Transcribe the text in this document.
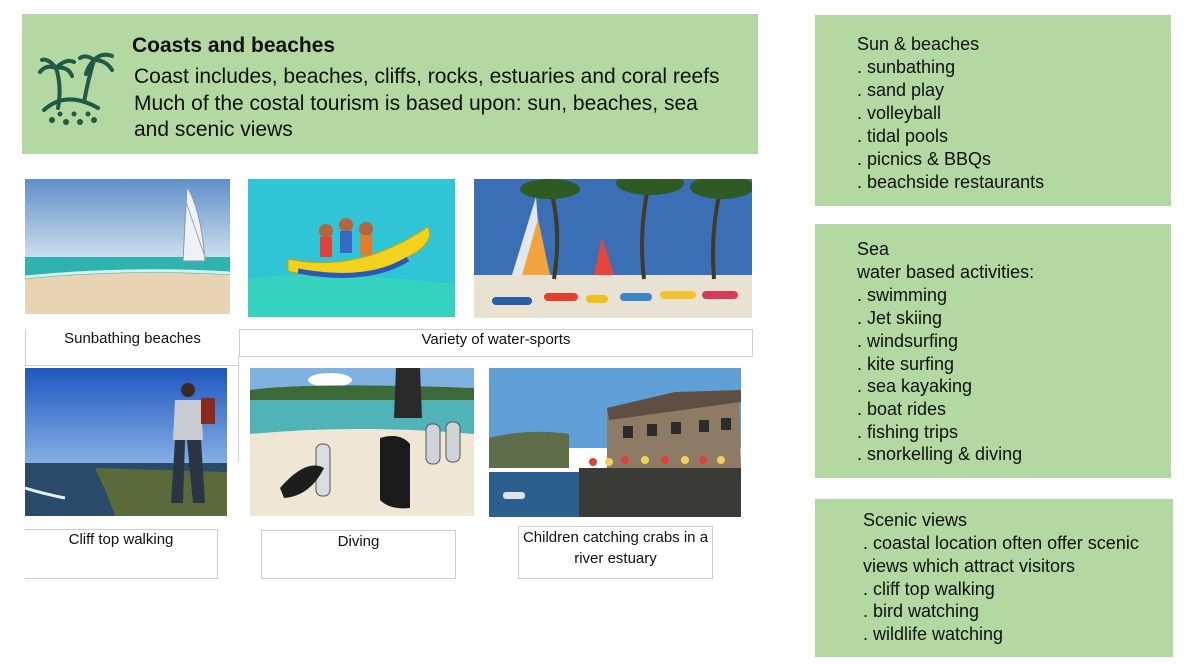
Coasts and beaches
Coast includes, beaches, cliffs, rocks, estuaries and coral reefs
Much of the costal tourism is based upon: sun, beaches, sea
and scenic views
Sun & beaches
. sunbathing
. sand play
. volleyball
. tidal pools
. picnics & BBQs
. beachside restaurants
Sea
water based activities:
. swimming
. Jet skiing
. windsurfing
. kite surfing
. sea kayaking
. boat rides
. fishing trips
. snorkelling & diving
Scenic views
. coastal location often offer scenic
views which attract visitors
. cliff top walking
. bird watching
. wildlife watching
Sunbathing beaches	Variety of water-sports
Cliff top walking	Diving	Children catching crabs in a
river estuary
